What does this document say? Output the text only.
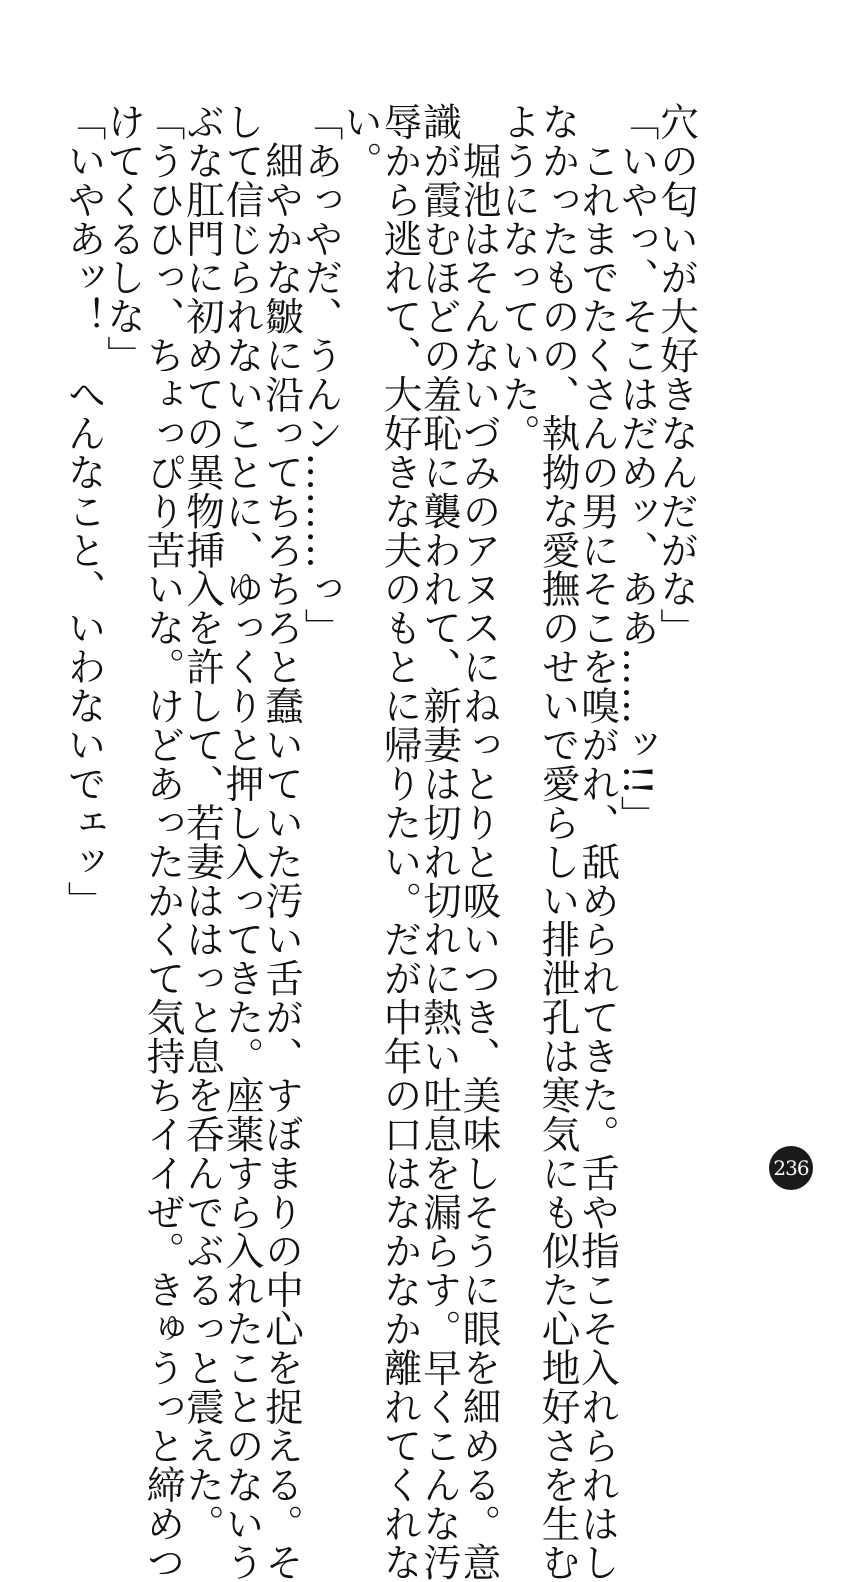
穴の匂いが大好きなんだがな」
「いやっ、そこはだめッ、ああ……ッ!!」
　これまでたくさんの男にそこを嗅がれ、舐められてきた。舌や指こそ入れられはし
なかったものの、執拗な愛撫のせいで愛らしい排泄孔は寒気にも似た心地好さを生む
ようになっていた。
　堀池はそんないづみのアヌスにねっとりと吸いつき、美味しそうに眼を細める。意
識が霞むほどの羞恥に襲われて、新妻は切れ切れに熱い吐息を漏らす。早くこんな汚
辱から逃れて、大好きな夫のもとに帰りたい。だが中年の口はなかなか離れてくれな
い。
「あっやだ、うんン………っ」
　細やかな皺に沿ってちろちろと蠢いていた汚い舌が、すぼまりの中心を捉える。そ
して信じられないことに、ゆっくりと押し入ってきた。座薬すら入れたことのないう
ぶな肛門に初めての異物挿入を許して、若妻ははっと息を呑んでぶるっと震えた。
「うひひっ、ちょっぴり苦いな。けどあったかくて気持ちイイぜ。きゅうっと締めつ
けてくるしな」
「いやあッ！　へんなこと、いわないでェッ」
236
